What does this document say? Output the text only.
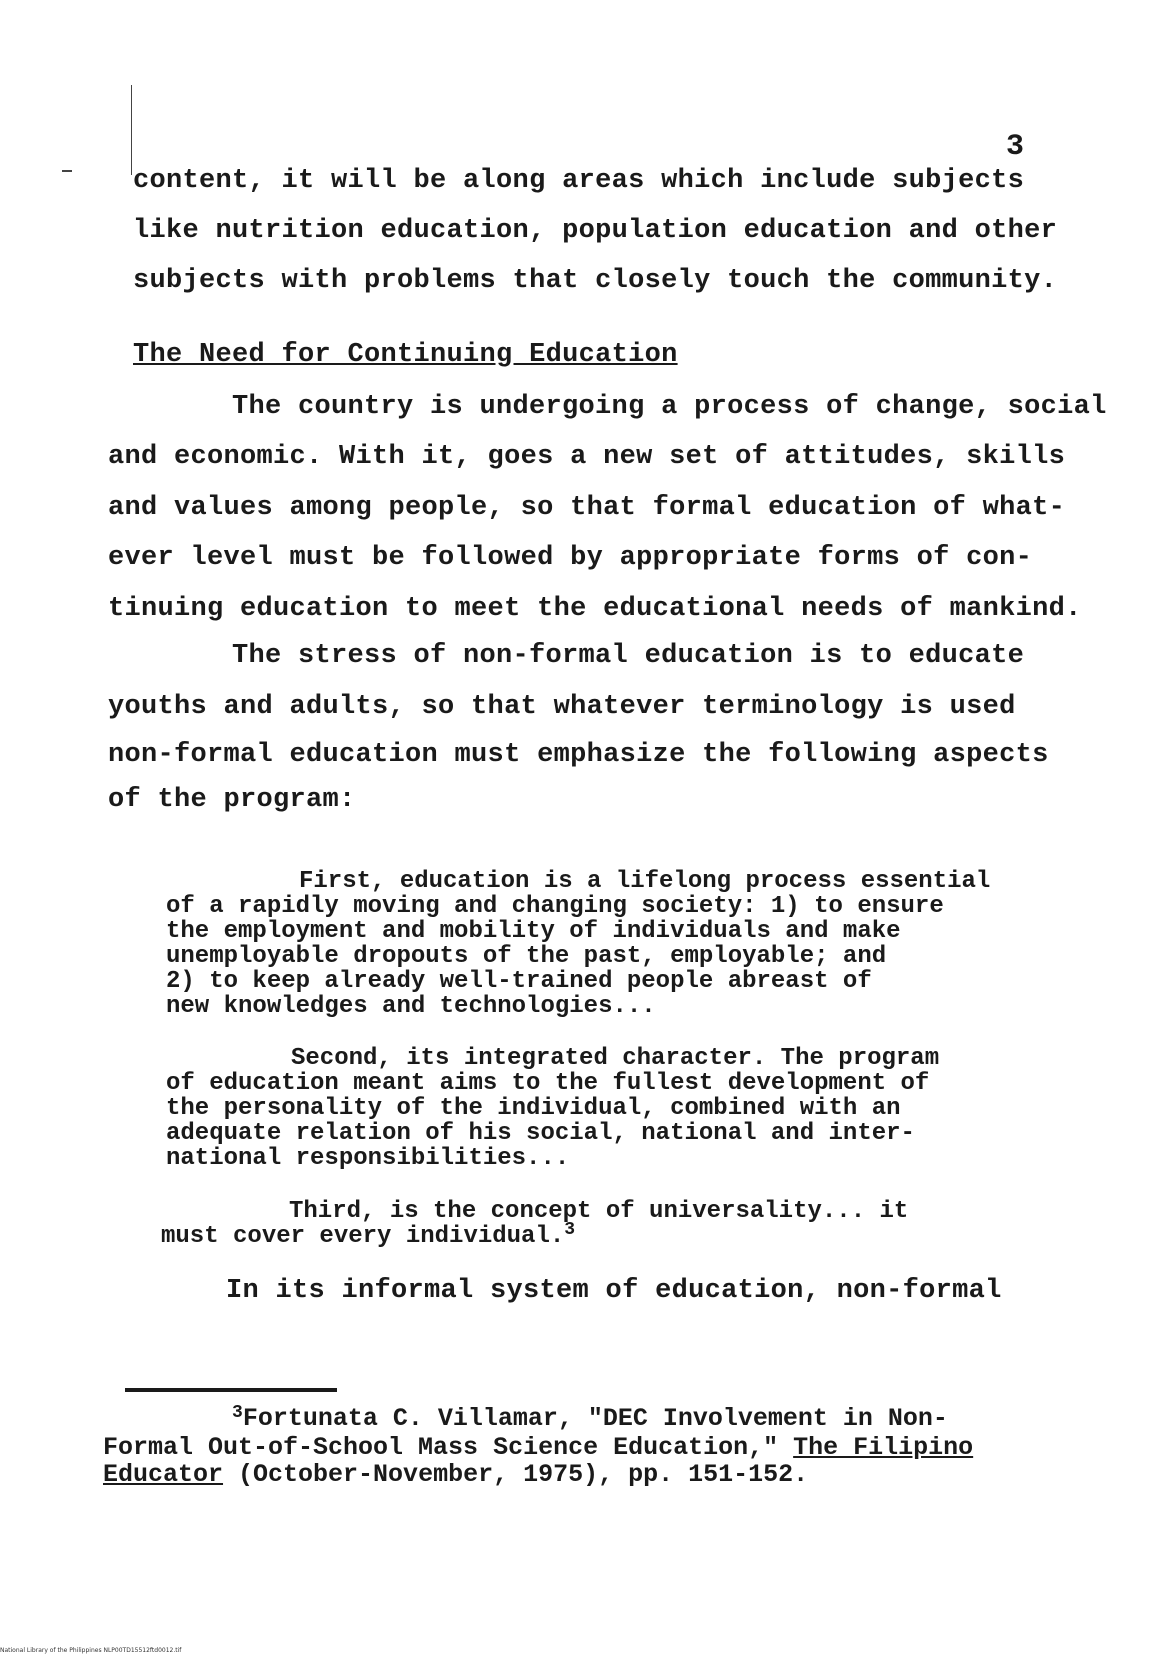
3
content, it will be along areas which include subjects
like nutrition education, population education and other
subjects with problems that closely touch the community.
The Need for Continuing Education
The country is undergoing a process of change, social
and economic. With it, goes a new set of attitudes, skills
and values among people, so that formal education of what-
ever level must be followed by appropriate forms of con-
tinuing education to meet the educational needs of mankind.
The stress of non-formal education is to educate
youths and adults, so that whatever terminology is used
non-formal education must emphasize the following aspects
of the program:
First, education is a lifelong process essential
of a rapidly moving and changing society: 1) to ensure
the employment and mobility of individuals and make
unemployable dropouts of the past, employable; and
2) to keep already well-trained people abreast of
new knowledges and technologies...
Second, its integrated character. The program
of education meant aims to the fullest development of
the personality of the individual, combined with an
adequate relation of his social, national and inter-
national responsibilities...
Third, is the concept of universality... it
must cover every individual.$^3$
In its informal system of education, non-formal
$^3$Fortunata C. Villamar, "DEC Involvement in Non-
Formal Out-of-School Mass Science Education," The Filipino
Educator (October-November, 1975), pp. 151-152.
National Library of the Philippines NLP00TD15512ftd0012.tif
